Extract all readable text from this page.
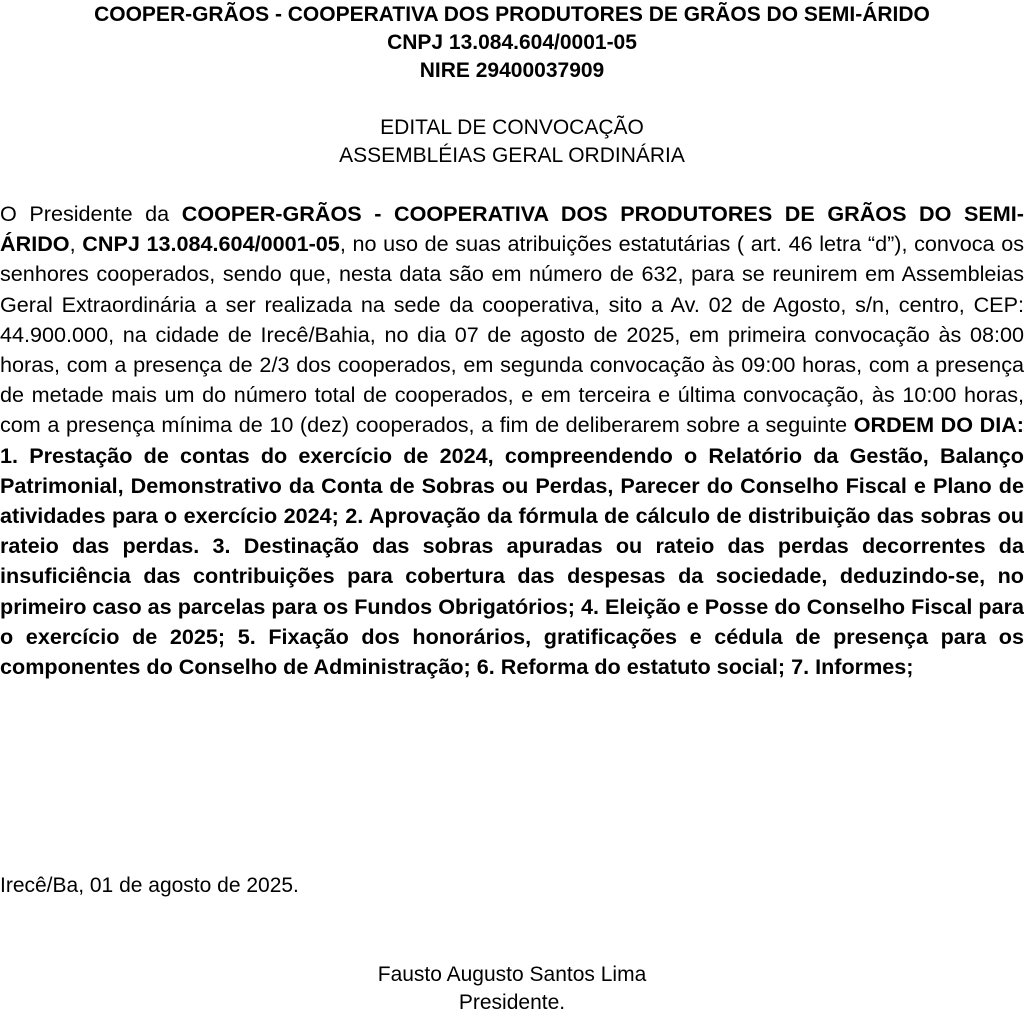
COOPER-GRÃOS - COOPERATIVA DOS PRODUTORES DE GRÃOS DO SEMI-ÁRIDO
CNPJ 13.084.604/0001-05
NIRE 29400037909
EDITAL DE CONVOCAÇÃO
ASSEMBLÉIAS GERAL ORDINÁRIA

O Presidente da COOPER-GRÃOS - COOPERATIVA DOS PRODUTORES DE GRÃOS DO SEMI-ÁRIDO, CNPJ 13.084.604/0001-05, no uso de suas atribuições estatutárias ( art. 46 letra “d”), convoca os senhores cooperados, sendo que, nesta data são em número de 632, para se reunirem em Assembleias Geral Extraordinária a ser realizada na sede da cooperativa, sito a Av. 02 de Agosto, s/n, centro, CEP: 44.900.000, na cidade de Irecê/Bahia, no dia 07 de agosto de 2025, em primeira convocação às 08:00 horas, com a presença de 2/3 dos cooperados, em segunda convocação às 09:00 horas, com a presença de metade mais um do número total de cooperados, e em terceira e última convocação, às 10:00 horas, com a presença mínima de 10 (dez) cooperados, a fim de deliberarem sobre a seguinte ORDEM DO DIA: 1. Prestação de contas do exercício de 2024, compreendendo o Relatório da Gestão, Balanço Patrimonial, Demonstrativo da Conta de Sobras ou Perdas, Parecer do Conselho Fiscal e Plano de atividades para o exercício 2024; 2. Aprovação da fórmula de cálculo de distribuição das sobras ou rateio das perdas. 3. Destinação das sobras apuradas ou rateio das perdas decorrentes da insuficiência das contribuições para cobertura das despesas da sociedade, deduzindo-se, no primeiro caso as parcelas para os Fundos Obrigatórios; 4. Eleição e Posse do Conselho Fiscal para o exercício de 2025; 5. Fixação dos honorários, gratificações e cédula de presença para os componentes do Conselho de Administração; 6. Reforma do estatuto social; 7. Informes;

Irecê/Ba, 01 de agosto de 2025.
Fausto Augusto Santos Lima
Presidente.
